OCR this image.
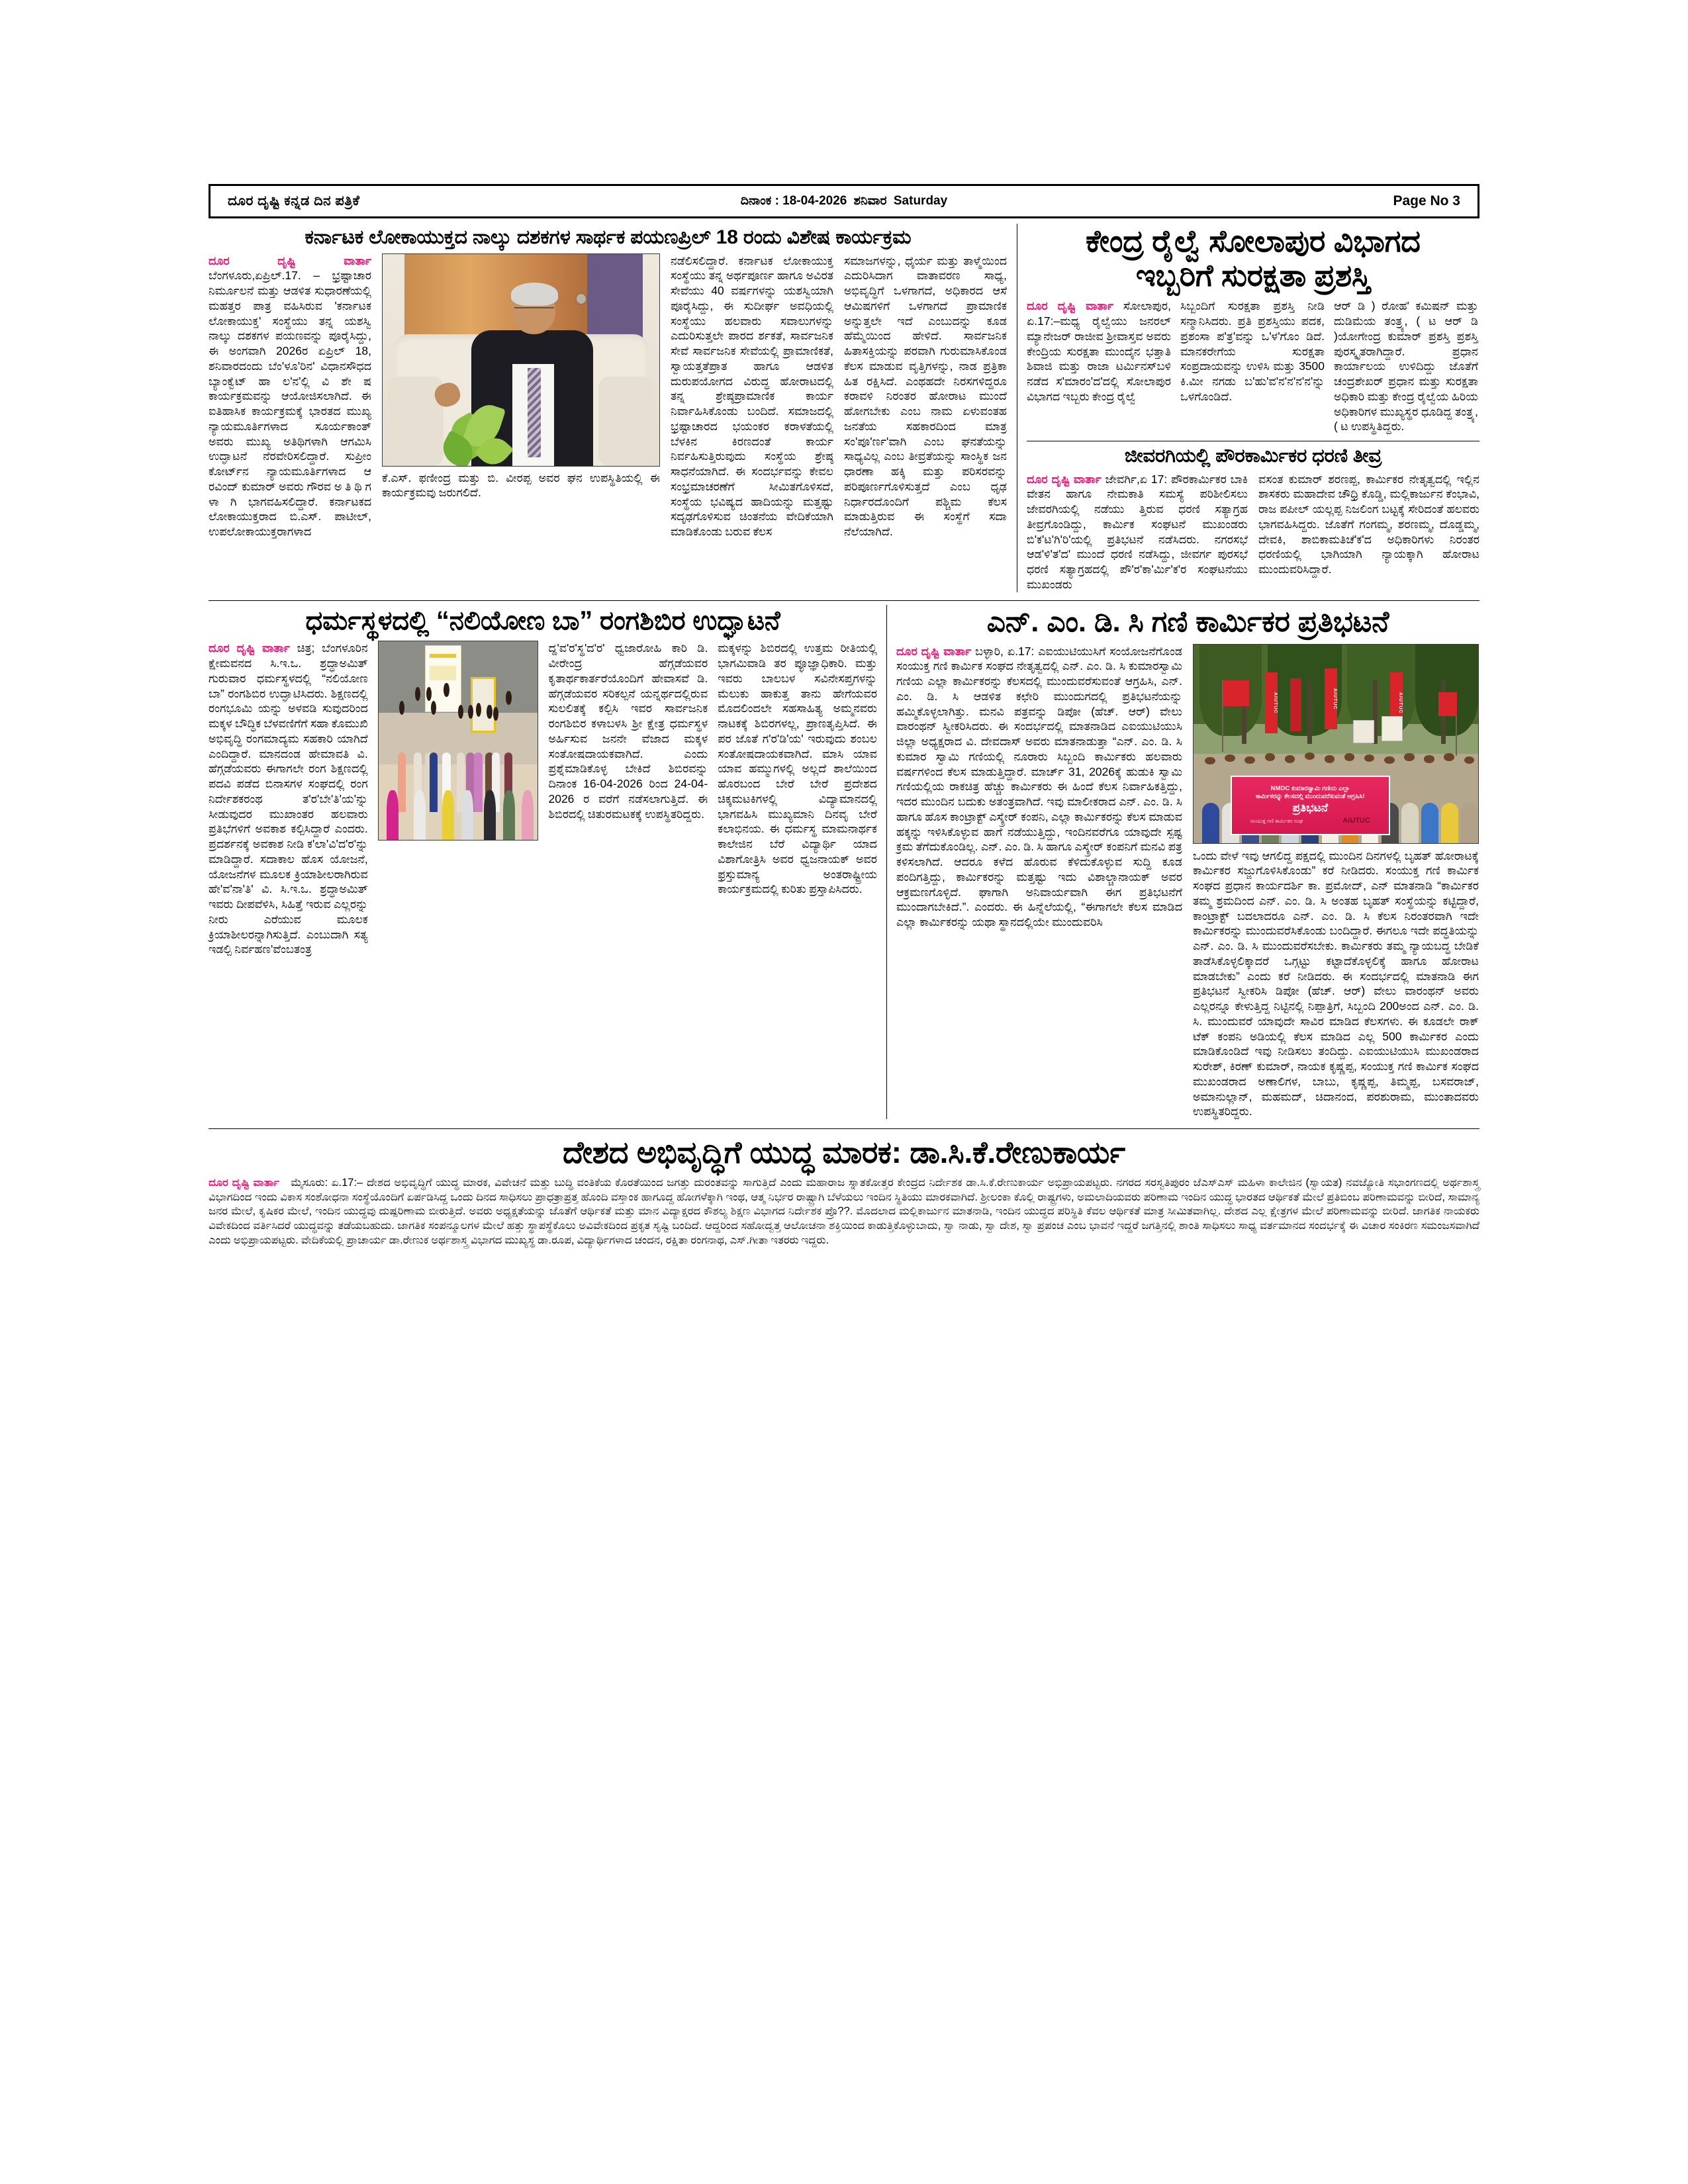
ದೂರ ದೃಷ್ಟಿ ಕನ್ನಡ ದಿನ ಪತ್ರಿಕೆ	ದಿನಾಂಕ : 18-04-2026 ಶನಿವಾರ Saturday	Page No 3
ಕರ್ನಾಟಕ ಲೋಕಾಯುಕ್ತದ ನಾಲ್ಕು ದಶಕಗಳ ಸಾರ್ಥಕ ಪಯಣಪ್ರಿಲ್ 18 ರಂದು ವಿಶೇಷ ಕಾರ್ಯಕ್ರಮ

ದೂರ ದೃಷ್ಟಿ ವಾರ್ತಾ ಬೆಂಗಳೂರು,ಏಪ್ರಿಲ್.17. – ಭ್ರಷ್ಟಾಚಾರ ನಿರ್ಮೂಲನೆ ಮತ್ತು ಆಡಳಿತ ಸುಧಾರಣೆಯಲ್ಲಿ ಮಹತ್ತರ ಪಾತ್ರ ವಹಿಸಿರುವ 'ಕರ್ನಾಟಕ ಲೋಕಾಯುಕ್ತ' ಸಂಸ್ಥೆಯು ತನ್ನ ಯಶಸ್ವಿ ನಾಲ್ಕು ದಶಕಗಳ ಪಯಣವನ್ನು ಪೂರೈಸಿದ್ದು, ಈ ಅಂಗವಾಗಿ 2026ರ ಏಪ್ರಿಲ್ 18, ಶನಿವಾರದಂದು ಬೆಂ'ಳೂ'ರಿನ' ವಿಧಾನಸೌಧದ ಬ್ಯಾಂಕ್ವೆಟ್ ಹಾ ಲ'ನ'ಲ್ಲಿ ವಿ ಶೇ ಷ ಕಾರ್ಯಕ್ರಮವನ್ನು ಆಯೋಜಿಸಲಾಗಿದೆ. ಈ ಐತಿಹಾಸಿಕ ಕಾರ್ಯಕ್ರಮಕ್ಕೆ ಭಾರತದ ಮುಖ್ಯ ನ್ಯಾಯಮೂರ್ತಿಗಳಾದ ಸೂರ್ಯಕಾಂತ್ ಅವರು ಮುಖ್ಯ ಅತಿಥಿಗಳಾಗಿ ಆಗಮಿಸಿ ಉದ್ಘಾಟನೆ ನೆರವೇರಿಸಲಿದ್ದಾರೆ. ಸುಪ್ರೀಂ ಕೋರ್ಟ್‌ನ ನ್ಯಾಯಮೂರ್ತಿಗಳಾದ ಆ ರವಿಂದ್ ಕುಮಾರ್ ಅವರು ಗೌರವ ಅ ತಿ ಥಿ ಗ ಳಾ ಗಿ ಭಾಗವಹಿಸಲಿದ್ದಾರೆ. ಕರ್ನಾಟಕದ ಲೋಕಾಯುಕ್ತರಾದ ಬಿ.ಎಸ್. ಪಾಟೀಲ್, ಉಪಲೋಕಾಯುಕ್ತರಾಗಳಾದ

ಕೆ.ಎಸ್. ಫಣೀಂದ್ರ ಮತ್ತು ಬಿ. ವೀರಪ್ಪ ಅವರ ಘನ ಉಪಸ್ಥಿತಿಯಲ್ಲಿ ಈ ಕಾರ್ಯಕ್ರಮವು ಜರುಗಲಿದೆ.
ನಡೆಲಿಸಲಿದ್ದಾರೆ. ಕರ್ನಾಟಕ ಲೋಕಾಯುಕ್ತ ಸಂಸ್ಥೆಯು ತನ್ನ ಅರ್ಥಪೂರ್ಣ ಹಾಗೂ ಅವಿರತ ಸೇವೆಯು 40 ವರ್ಷಗಳನ್ನು ಯಶಸ್ವಿಯಾಗಿ ಪೂರೈಸಿದ್ದು, ಈ ಸುದೀರ್ಘ ಅವಧಿಯಲ್ಲಿ ಸಂಸ್ಥೆಯು ಹಲವಾರು ಸವಾಲುಗಳನ್ನು ಎದುರಿಸುತ್ತಲೇ ಪಾರದ ರ್ಶಕತೆ, ಸಾರ್ವಜನಿಕ ಸೇವೆ ಸಾರ್ವಜನಿಕ ಸೇವೆಯಲ್ಲಿ ಪ್ರಾಮಾಣಿಕತೆ, ಸ್ವಾಯತ್ತತೆಪ್ರಾತ ಹಾಗೂ ಆಡಳಿತ ದುರುಪಯೋಗದ ವಿರುದ್ಧ ಹೋರಾಟದಲ್ಲಿ ತನ್ನ ಶ್ರೇಷ್ಠಪ್ರಾಮಾಣಿಕ ಕಾರ್ಯ ನಿರ್ವಾಹಿಸಿಕೊಂಡು ಬಂದಿದೆ. ಸಮಾಜದಲ್ಲಿ ಭ್ರಷ್ಟಾಚಾರದ ಭಯಂಕರ ಕರಾಳತೆಯಲ್ಲಿ ಬೆಳಕಿನ ಕಿರಣದಂತೆ ಕಾರ್ಯ ನಿರ್ವಹಿಸುತ್ತಿರುವುದು ಸಂಸ್ಥೆಯ ಶ್ರೇಷ್ಠ ಸಾಧನೆಯಾಗಿದೆ. ಈ ಸಂದರ್ಭವನ್ನು ಕೇವಲ ಸಂಭ್ರಮಾಚರಣೆಗೆ ಸೀಮಿತಗೊಳಿಸದೆ, ಸಂಸ್ಥೆಯ ಭವಿಷ್ಯದ ಹಾದಿಯನ್ನು ಮತ್ತಷ್ಟು ಸದೃಢಗೊಳಿಸುವ ಚಿಂತನೆಯ ವೇದಿಕೆಯಾಗಿ ಮಾಡಿಕೊಂಡು ಬರುವ ಕೆಲಸ
ಸಮಾಜಗಳನ್ನು, ಧೈರ್ಯ ಮತ್ತು ತಾಳ್ಮೆಯಿಂದ ಎದುರಿಸಿದಾಗ ವಾತಾವರಣ ಸಾಧ್ಯ, ಅಭಿವೃದ್ಧಿಗೆ ಒಳಗಾಗದೆ, ಅಧಿಕಾರದ ಆಸೆ ಆಮಿಷಗಳಿಗೆ ಒಳಗಾಗದೆ ಪ್ರಾಮಾಣಿಕ ಅನ್ನುತ್ತಲೇ ಇದೆ ಎಂಬುದನ್ನು ಕೂಡ ಹೆಮ್ಮೆಯಿಂದ ಹೇಳಿದೆ. ಸಾರ್ವಜನಿಕ ಹಿತಾಸಕ್ತಿಯನ್ನು ಪರವಾಗಿ ಗುರುಮಾಸಿಕೊಂಡ ಕೆಲಸ ಮಾಡುವ ವೃತ್ತಿಗಳನ್ನು, ನಾಡ ಪ್ರತ್ರಿಕಾ ಹಿತ ರಕ್ಷಿಸಿದೆ. ಎಂಥಹದೇ ನಿರಸಗಳಿದ್ದರೂ ಕರಾವಳಿ ನಿರಂತರ ಹೋರಾಟ ಮುಂದೆ ಹೋಗಬೇಕು ಎಂಬ ನಾಮ ಏಳುವಂತಹ ಜನತೆಯ ಸಹಕಾರದಿಂದ ಮಾತ್ರ ಸಂ'ಪೂ'ರ್ಣ'ವಾಗಿ ಎಂಬ ಘನತೆಯನ್ನು ಸಾಧ್ಯವಿಲ್ಲ ಎಂಬ ತೀವ್ರತೆಯನ್ನು ಸಾಂಸ್ಥಿಕ ಜನ ಧಾರಣಾ ಹಕ್ಕಿ ಮತ್ತು ಪರಿಸರವನ್ನು ಪರಿಪೂರ್ಣಗೊಳಿಸುತ್ತದೆ ಎಂಬ ಧೃಢ ನಿರ್ಧಾರದೊಂದಿಗೆ ಪಶ್ಚಿಮ ಕೆಲಸ ಮಾಡುತ್ತಿರುವ ಈ ಸಂಸ್ಥೆಗೆ ಸದಾ ನೆಲೆಯಾಗಿದೆ.
ಕೇಂದ್ರ ರೈಲ್ವೆ ಸೋಲಾಪುರ ವಿಭಾಗದ
ಇಬ್ಬರಿಗೆ ಸುರಕ್ಷತಾ ಪ್ರಶಸ್ತಿ

ದೂರ ದೃಷ್ಟಿ ವಾರ್ತಾ ಸೋಲಾಪುರ, ಏ.17:–ಮಧ್ಯ ರೈಲ್ವೆಯು ಜನರಲ್ ಮ್ಯಾನೇಜರ್ ರಾಜೀವ ಶ್ರೀವಾಸ್ತವ ಅವರು ಕೇಂದ್ರಿಯ ಸುರಕ್ಷತಾ ಮುಂದೈನ ಭತ್ತಾತಿ ಶಿವಾಜಿ ಮತ್ತು ರಾಜಾ ಟರ್ಮಿನಸ್‌ಬಳಿ ನಡೆದ ಸ'ಮಾರಂ'ದ'ದಲ್ಲಿ ಸೋಲಾಪುರ ವಿಭಾಗದ ಇಬ್ಬರು ಕೇಂದ್ರ ರೈಲ್ವೆ

ಸಿಬ್ಬಂದಿಗೆ ಸುರಕ್ಷತಾ ಪ್ರಶಸ್ತಿ ನೀಡಿ ಸನ್ಮಾನಿಸಿದರು. ಪ್ರತಿ ಪ್ರಶಸ್ತಿಯು ಪದಕ, ಪ್ರಶಂಸಾ ಪ'ತ್ರ'ವನ್ನು ಒ'ಳ'ಗೊಂ ಡಿದೆ. ಮಾನಕರೇಗೆಯ ಸುರಕ್ಷತಾ ಸಂಪ್ರದಾಯವನ್ನು ಉಳಿಸಿ ಮತ್ತು 3500 ಕಿ.ಮೀ ನಗಡು ಬ'ಹು'ವ'ನ'ನ'ನ'ನ'ನ್ನು ಒಳಗೊಂಡಿದೆ.
ಆರ್ ಡಿ ) ರೋಹ' ಕಮಿಷನ್ ಮತ್ತು ದುಡಿಮೆಯ ತಂತ್ರ್ಯ, ( ಟ ಆರ್ ಡಿ )ಯೋಗೇಂದ್ರ ಕುಮಾರ್ ಪ್ರಶಸ್ತಿ ಪ್ರಶಸ್ತಿ ಪುರಸ್ಕೃತರಾಗಿದ್ದಾರೆ. ಪ್ರಧಾನ ಕಾರ್ಯಾಲಯ ಉಳಿದಿದ್ದು ಜೊತೆಗೆ ಚಂದ್ರಶೇಖರ್ ಪ್ರಧಾನ ಮತ್ತು ಸುರಕ್ಷತಾ ಅಧಿಕಾರಿ ಮತ್ತು ಕೇಂದ್ರ ರೈಲ್ವೆಯ ಹಿರಿಯ ಅಧಿಕಾರಿಗಳ ಮುಖ್ಯಸ್ಥರ ಧೂಡಿದ್ದ ತಂತ್ರ್ಯ, ( ಟ ಉಪಸ್ಥಿತಿದ್ದರು.
ಜೀವರಗಿಯಲ್ಲಿ ಪೌರಕಾರ್ಮಿಕರ ಧರಣಿ ತೀವ್ರ

ದೂರ ದೃಷ್ಟಿ ವಾರ್ತಾ ಜೇವರ್ಗಿ,ಏ 17: ಪೌರಕಾರ್ಮಿಕರ ಬಾಕಿ ವೇತನ ಹಾಗೂ ನೇಮಕಾತಿ ಸಮಸ್ಯೆ ಪರಿಶೀಲಿಸಲು ಜೇವರಗಿಯಲ್ಲಿ ನಡೆಯು ತ್ತಿರುವ ಧರಣಿ ಸತ್ಯಾಗ್ರಹ ತೀವ್ರಗೊಂಡಿದ್ದು, ಕಾರ್ಮಿಕ ಸಂಘಟನೆ ಮುಖಂಡರು ಬಿ'ಕ'ಟ'ಗಿ'ರಿ'ಯಲ್ಲಿ ಪ್ರತಿಭಟನೆ ನಡೆಸಿದರು. ನಗರಸಭೆ ಆಡ'ಳಿ'ತ'ದ' ಮುಂದೆ ಧರಣಿ ನಡೆಸಿದ್ದು, ಜೀವರ್ಗ ಪುರಸಭೆ ಧರಣಿ ಸತ್ಯಾಗ್ರಹದಲ್ಲಿ ಪೌ'ರ'ಕಾ'ರ್ಮಿ'ಕ'ರ ಸಂಘಟನೆಯು ಮುಖಂಡರು

ವಸಂತ ಕುಮಾರ್ ಶರಣಪ್ಪ, ಕಾರ್ಮಿಕರ ನೇತೃತ್ವದಲ್ಲಿ ಇಲ್ಲಿನ ಶಾಸಕರು ಮಹಾದೇವ ಚೌಧ್ರಿ ಕೊಡ್ಡಿ, ಮಲ್ಲಿಕಾರ್ಜುನ ಕೆಂಭಾವಿ, ರಾಜ ಪಪೀಲ್ ಯಲ್ಲಪ್ಪ ನಿಜಲಿಂಗ ಬಟ್ಟಕ್ಕೆ ಸೇರಿದಂತೆ ಹಲವರು ಭಾಗವಹಿಸಿದ್ದರು. ಜೊತೆಗೆ ಗಂಗಮ್ಮ, ಶರಣಮ್ಮ, ದೊಡ್ಡಮ್ಮ, ದೇವಕಿ, ಶಾಬಿಕಾಮತಿಚೆ'ಕ'ದ ಅಧಿಕಾರಿಗಳು ನಿರಂತರ ಧರಣಿಯಲ್ಲಿ ಭಾಗಿಯಾಗಿ ನ್ಯಾಯಕ್ಕಾಗಿ ಹೋರಾಟ ಮುಂದುವರಿಸಿದ್ದಾರೆ.
ಧರ್ಮಸ್ಥಳದಲ್ಲಿ “ನಲಿಯೋಣ ಬಾ” ರಂಗಶಿಬಿರ ಉದ್ಘಾಟನೆ

ದೂರ ದೃಷ್ಟಿ ವಾರ್ತಾ ಚಿತ್ರ; ಬೆಂಗಳೂರಿನ ಕ್ಷೇಮವನದ ಸಿ.ಇ.ಒ. ಶ್ರದ್ಧಾಅಮಿತ್ ಗುರುವಾರ ಧರ್ಮಸ್ಥಳದಲ್ಲಿ “ನಲಿಯೋಣ ಬಾ” ರಂಗಶಿಬಿರ ಉದ್ಘಾಟಿಸಿದರು. ಶಿಕ್ಷಣದಲ್ಲಿ ರಂಗಭೂಮಿ ಯನ್ನು ಅಳವಡಿ ಸುವುದರಿಂದ ಮಕ್ಕಳ ಬೌದ್ಧಿಕ ಬೆಳವಣಿಗೆಗೆ ಸಹಾ ಕೊಮುಖಿ ಅಭಿವೃದ್ಧಿ ರಂಗಮಾದ್ಯಮ ಸಹಕಾರಿ ಯಾಗಿದೆ ಎಂದಿದ್ದಾರೆ. ಮಾನದಂಡ ಹೇಮಾವತಿ ವಿ. ಹೆಗ್ಗಡೆಯವರು ಈಗಾಗಲೇ ರಂಗ ಶಿಕ್ಷಣದಲ್ಲಿ ಪದವಿ ಪಡೆದ ಬಿನಾಸಗಳ ಸಂಘದಲ್ಲಿ ರಂಗ ನಿರ್ದೇಶಕರಂಥ ತ'ರ'ಬೇ'ತಿ'ಯ'ನ್ನು ಸೀಡುವುದರ ಮುಖಾಂತರ ಹಲವಾರು ಪ್ರತಿಭೆಗಳಿಗೆ ಅವಕಾಶ ಕಲ್ಪಿಸಿದ್ದಾರೆ ಎಂದರು. ಪ್ರದರ್ಶನಕ್ಕೆ ಅವಕಾಶ ನೀಡಿ ಕ'ಲಾ'ವಿ'ದ'ರ'ನ್ನು ಮಾಡಿದ್ದಾರೆ. ಸದಾಕಾಲ ಹೊಸ ಯೋಜನೆ, ಯೋಜನೆಗಳ ಮೂಲಕ ಕ್ರಿಯಾಶೀಲರಾಗಿರುವ ಹೇ'ವ'ನಾ'ತಿ' ವಿ. ಸಿ.ಇ.ಒ. ಶ್ರದ್ಧಾಅಮಿತ್ ಇವರು ದೀಪವೆಳಿಸಿ, ಸಿಹಿತ್ತೆ ಇರುವ ಎಲ್ಲರನ್ನು ನೀರು ಎರೆಯುವ ಮೂಲಕ ಕ್ರಿಯಾಶೀಲರನ್ನಾಗಿಸುತ್ತಿದೆ. ಎಂಬುದಾಗಿ ಸತ್ಯ ಇಡಲ್ಪಿ ನಿರ್ವಹಣ'ವೆಂಬತಂತ್ರ

ದ್ಱ'ವ'ರ'ಸ್ಥ'ದ'ರ' ಧ್ವಜಾರೋಹಿ ಕಾರಿ ಡಿ. ವೀರೇಂದ್ರ ಹೆಗ್ಗಡೆಯವರ ಕೃತಾರ್ಥಕಾರ್ತರೆಯೊಂದಿಗೆ ಹೇವಾಸವೆ ಡಿ. ಹೆಗ್ಗಡೆಯವರ ಸರಿಕಲ್ಪನೆ ಯನ್ನರ್ಥದಲ್ಲಿರುವ ಸುಲಲಿತಕ್ಕೆ ಕಲ್ಪಿಸಿ ಇವರ ಸಾರ್ವಜನಿಕ ರಂಗಶಿಬಿರ ಕಳಾಬಳಸಿ ಶ್ರೀ ಕ್ಷೇತ್ರ ಧರ್ಮಸ್ಥಳ ಅರ್ಹಿಸುವ ಜನನೇ ವೆಜಾದ ಮಕ್ಕಳ ಸಂತೋಷದಾಯಕವಾಗಿದೆ. ಎಂದು ಪ್ರಶ್ನೆಮಾಡಿಕೊಳ್ಳ ಬೇಕಿದೆ ಶಿಬಿರವನ್ನು ದಿನಾಂಕ 16-04-2026 ರಿಂದ 24-04-2026 ರ ವರೆಗೆ ನಡೆಸಲಾಗುತ್ತಿದೆ. ಈ ಶಿಬಿರದಲ್ಲಿ ಚಿತುರಮಟಕಕ್ಕೆ ಉಪಸ್ಥಿತರಿದ್ದರು.
ಮಕ್ಕಳನ್ನು ಶಿಬಿರದಲ್ಲಿ ಉತ್ತಮ ರೀತಿಯಲ್ಲಿ ಭಾಗಮಿವಾಡಿ ತರ ಪ್ಳೂಜ್ಞಾಧಿಕಾರಿ. ಮತ್ತು ಇವರು ಬಾಲಬಳ ಸವಿನೇಸಪ್ತಗಳನ್ನು ಮೆಲುಕು ಹಾಕುತ್ತ ತಾನು ಹೇಗೆಯವರ ಮೊದಲಿಂದಲೇ ಸಹಸಾಹಿತ್ಯ ಅಮ್ಮನವರು ನಾಟಕಕ್ಕೆ ಶಿಬಿರಗಳಲ್ಲ, ಪ್ರಾಣತೃಪ್ತಿಸಿದೆ. ಈ ಪರ ಜೊತೆ ಗ'ರ'ಡಿ'ಯ' ಇರುವುದು ಶಂಬಲ ಸಂತೋಷದಾಯಕವಾಗಿದೆ. ಮಾಸಿ ಯಾವ ಯಾವ ಹಮ್ಮುಗಳಲ್ಲಿ ಅಲ್ಲದೆ ಶಾಲೆಯಿಂದ ಹೊರಬಂದ ಬೇರೆ ಬೇರೆ ಪ್ರದೇಶದ ಚಿಕ್ಕಮಟಕಿಗಳಲ್ಲಿ ವಿದ್ಯಾಮಾನದಲ್ಲಿ ಭಾಗವಹಿಸಿ ಮುಖ್ಯಮಾನಿ ದಿನವೃ ಬೇರೆ ಕಲಾಭಿನಯ. ಈ ಧರ್ಮಸ್ಥ ಮಾಮನಾರ್ಥಕ ಕಾಲೇಜಿನ ಬೆರೆ ವಿದ್ಯಾರ್ಥಿ ಯಾದ ವಿಶಾಗೋತ್ರಿಸಿ ಅವರ ಧ್ವಜನಾಯಕ್ ಅವರ ಫ್ರಸ್ತುಮಾನ್ಯ ಅಂತರಾಷ್ಟ್ರೀಯ ಕಾರ್ಯಕ್ರಮದಲ್ಲಿ ಕುರಿತು ಪ್ರಸ್ತಾಪಿಸಿದರು.
ಎನ್. ಎಂ. ಡಿ. ಸಿ ಗಣಿ ಕಾರ್ಮಿಕರ ಪ್ರತಿಭಟನೆ

ದೂರ ದೃಷ್ಟಿ ವಾರ್ತಾ ಬಳ್ಳಾರಿ, ಏ.17: ಎಐಯುಟಿಯುಸಿಗೆ ಸಂಯೋಜನೆಗೊಂಡ ಸಂಯುಕ್ತ ಗಣಿ ಕಾರ್ಮಿಕ ಸಂಘದ ನೇತೃತ್ವದಲ್ಲಿ ಎನ್. ಎಂ. ಡಿ. ಸಿ ಕುಮಾರಸ್ವಾಮಿ ಗಣಿಯ ಎಲ್ಲಾ ಕಾರ್ಮಿಕರನ್ನು ಕೆಲಸದಲ್ಲಿ ಮುಂದುವರೆಸುವಂತೆ ಆಗ್ರಹಿಸಿ, ಎನ್. ಎಂ. ಡಿ. ಸಿ ಆಡಳಿತ ಕಛೇರಿ ಮುಂದುಗದಲ್ಲಿ ಪ್ರತಿಭಟನೆಯನ್ನು ಹಮ್ಮಿಕೊಳ್ಳಲಾಗಿತ್ತು. ಮನವಿ ಪತ್ರವನ್ನು ಡಿಪೋ (ಹೆಚ್. ಆರ್) ವೇಲು ವಾರಂಥನ್ ಸ್ವೀಕರಿಸಿದರು. ಈ ಸಂದರ್ಭದಲ್ಲಿ ಮಾತನಾಡಿದ ಎಐಯುಟಿಯುಸಿ ಜಿಲ್ಲಾ ಅಧ್ಯಕ್ಷರಾದ ವಿ. ದೇವದಾಸ್ ಅವರು ಮಾತನಾಡುತ್ತಾ “ಎನ್. ಎಂ. ಡಿ. ಸಿ ಕುಮಾರ ಸ್ವಾಮಿ ಗಣಿಯಲ್ಲಿ ನೂರಾರು ಸಿಬ್ಬಂದಿ ಕಾರ್ಮಿಕರು ಹಲವಾರು ವರ್ಷಗಳಿಂದ ಕೆಲಸ ಮಾಡುತ್ತಿದ್ದಾರೆ. ಮಾರ್ಚ್ 31, 2026ಕ್ಕೆ ಹುಡುಕಿ ಸ್ವಾಮಿ ಗಣಿಯಲ್ಲಿಯ ರಾಕಚಿತ್ರ ಹೆಚ್ಚು ಕಾರ್ಮಿಕರು ಈ ಹಿಂದೆ ಕೆಲಸ ನಿರ್ವಾಹಿಕತ್ತಿದ್ದು, ಇದರ ಮುಂದಿನ ಬದುಕು ಅತಂತ್ರವಾಗಿದೆ. ಇವು ಮಾಲೀಕರಾದ ಎನ್. ಎಂ. ಡಿ. ಸಿ ಹಾಗೂ ಹೊಸ ಕಾಂಟ್ರಾಕ್ಟ್ ಎಸ್ಕ್ರೇರ್ ಕಂಪನಿ, ಎಲ್ಲಾ ಕಾರ್ಮಿಕರನ್ನು ಕೆಲಸ ಮಾಡುವ ಹಕ್ಕನ್ನು ಇಳಿಸಿಕೊಳ್ಳುವ ಹಾಗೆ ನಡೆಯುತ್ತಿದ್ದು, ಇಂದಿನವರೆಗೂ ಯಾವುದೇ ಸ್ಪಷ್ಟ ಕ್ರಮ ತೆಗೆದುಕೊಂಡಿಲ್ಲ. ಎನ್. ಎಂ. ಡಿ. ಸಿ ಹಾಗೂ ಎಸ್ಕ್ರೇರ್ ಕಂಪನಿಗೆ ಮನವಿ ಪತ್ರ ಕಳಿಸಲಾಗಿದೆ. ಆದರೂ ಕಳೆದ ಹೊರುವ ಕೆಳಿದುಕೊಳ್ಳುವ ಸುದ್ದಿ ಕೂಡ ಪಂದಿಗತ್ತಿದ್ದು, ಕಾರ್ಮಿಕರನ್ನು ಮತ್ತಷ್ಟು ಇದು ವಿಶಾಲ್ಚಾನಾಯಕ್ ಅವರ ಆಕ್ರಮಣಗೊಳ್ಳಿದೆ. ಘಾಗಾಗಿ ಅನಿವಾರ್ಯವಾಗಿ ಈಗ ಪ್ರತಿಭಟನೆಗೆ ಮುಂದಾಗಬೇಕಿದೆ.”. ಎಂದರು. ಈ ಹಿನ್ನೆಲೆಯಲ್ಲಿ, “ಈಗಾಗಲೇ ಕೆಲಸ ಮಾಡಿದ ಎಲ್ಲಾ ಕಾರ್ಮಿಕರನ್ನು ಯಥಾ ಸ್ಥಾನದಲ್ಲಿಯೇ ಮುಂದುವರಿಸಿ

AIUTUC	AIUTUC	AIUTUC
NMDC ಕುಮಾರಸ್ವಾಮಿ ಗಣಿಯ ಎಲ್ಲಾ
ಕಾರ್ಮಿಕರನ್ನು ಕೆಲಸದಲ್ಲಿ ಮುಂದುವರೆಸುವಂತೆ ಆಗ್ರಹಿಸಿ!
ಪ್ರತಿಭಟನೆ
ಸಂಯುಕ್ತ ಗಣಿ ಕಾರ್ಮಿಕರ ಸಂಘ	AIUTUC
ಒಂದು ವೇಳೆ ಇವು ಆಗಲಿದ್ದ ಪಕ್ಷದಲ್ಲಿ ಮುಂದಿನ ದಿನಗಳಲ್ಲಿ ಬೃಹತ್ ಹೋರಾಟಕ್ಕೆ ಕಾರ್ಮಿಕರ ಸಜ್ಜುಗೊಳಿಸಿಕೊಂಡು” ಕರೆ ನೀಡಿದರು. ಸಂಯುಕ್ತ ಗಣಿ ಕಾರ್ಮಿಕ ಸಂಘದ ಪ್ರಧಾನ ಕಾರ್ಯದರ್ಶಿ ಕಾ. ಪ್ರಮೋದ್, ಎನ್ ಮಾತನಾಡಿ “ಕಾರ್ಮಿಕರ ತಮ್ಮ ಶ್ರಮದಿಂದ ಎನ್. ಎಂ. ಡಿ. ಸಿ ಅಂತಹ ಬೃಹತ್ ಸಂಸ್ಥೆಯನ್ನು ಕಟ್ಟಿದ್ದಾರೆ, ಕಾಂಟ್ರಾಕ್ಟ್ ಬದಲಾದರೂ ಎನ್. ಎಂ. ಡಿ. ಸಿ ಕೆಲಸ ನಿರಂತರವಾಗಿ ಇದೇ ಕಾರ್ಮಿಕರನ್ನು ಮುಂದುವರೆಸಿಕೊಂಡು ಬಂದಿದ್ದಾರೆ. ಈಗಲೂ ಇದೇ ಪದ್ಧತಿಯನ್ನು ಎನ್. ಎಂ. ಡಿ. ಸಿ ಮುಂದುವರೆಸಬೇಕು. ಕಾರ್ಮಿಕರು ತಮ್ಮ ನ್ಯಾಯಬದ್ಧ ಬೇಡಿಕೆ ತಾಡೆಸಿಕೊಳ್ಳಲಿಕ್ಕಾದರೆ ಒಗ್ಗಟ್ಟು ಕಟ್ಟಾದೆಕೊಳ್ಳಲಿಕ್ಕೆ ಹಾಗೂ ಹೋರಾಟ ಮಾಡಬೇಕು” ಎಂದು ಕರೆ ನೀಡಿದರು. ಈ ಸಂದರ್ಭದಲ್ಲಿ ಮಾತನಾಡಿ ಈಗ ಪ್ರತಿಭಟನೆ ಸ್ವೀಕರಿಸಿ ಡಿಪೋ (ಹೆಚ್. ಆರ್) ವೇಲು ವಾರಂಥನ್ ಅವರು ಎಲ್ಲರನ್ನೂ ಕೇಳುತ್ತಿದ್ದ ನಿಟ್ಟಿನಲ್ಲಿ ನಿಪ್ಪಾತ್ರಿಗೆ, ಸಿಬ್ಬಂದಿ 200ಅಂದ ಎನ್. ಎಂ. ಡಿ. ಸಿ. ಮುಂದುವರೆ ಯಾವುದೇ ಸಾವಿರ ಮಾಡಿದ ಕೆಲಸಗಳು. ಈ ಕೂಡಲೇ ರಾಕ್ ಟೆಕ್ ಕಂಪನಿ ಅಡಿಯಲ್ಲಿ ಕೆಲಸ ಮಾಡಿದ ಎಲ್ಲ 500 ಕಾರ್ಮಿಕರ ಎಂದು ಮಾಡಿಕೊಂಡಿದೆ ಇವು ನೀಡಿಸಲು ತಂದಿದ್ದು. ಎಐಯುಟಿಯುಸಿ ಮುಖಂಡರಾದ ಸುರೇಶ್, ಕಿರಣ್ ಕುಮಾರ್, ನಾಯಕ ಕೃಷ್ಣಪ್ಪ, ಸಂಯುಕ್ತ ಗಣಿ ಕಾರ್ಮಿಕ ಸಂಘದ ಮುಖಂಡರಾದ ಅಣಾಲಿಗಳ, ಬಾಬು, ಕೃಷ್ಣಪ್ಪ, ತಿಮ್ಮಪ್ಪ, ಬಸವರಾಜ್, ಅಮಾನುಲ್ಲಾನ್, ಮಹಮದ್, ಚಿದಾನಂದ, ಪರಶುರಾಮ, ಮುಂತಾದವರು ಉಪಸ್ಥಿತರಿದ್ದರು.
ದೇಶದ ಅಭಿವೃದ್ಧಿಗೆ ಯುದ್ಧ ಮಾರಕ: ಡಾ.ಸಿ.ಕೆ.ರೇಣುಕಾರ್ಯ

ದೂರ ದೃಷ್ಟಿ ವಾರ್ತಾ ಮೈಸೂರು: ಏ.17:– ದೇಶದ ಅಭಿವೃದ್ಧಿಗೆ ಯುದ್ಧ ಮಾರಕ, ವಿವೇಚನೆ ಮತ್ತು ಬುದ್ಧಿ ವಂತಿಕೆಯ ಕೊರತೆಯಿಂದ ಜಗತ್ತು ದುರಂತವನ್ನು ಸಾಗುತ್ತಿದೆ ಎಂದು ಮಹಾರಾಜ ಸ್ನಾತಕೋತ್ತರ ಕೇಂದ್ರದ ನಿರ್ದೇಶಕ ಡಾ.ಸಿ.ಕೆ.ರೇಣುಕಾರ್ಯ ಅಭಿಪ್ರಾಯಪಟ್ಟರು. ನಗರದ ಸರಸ್ವತಿಪುರಂ ಜೆಎಸ್ಎಸ್ ಮಹಿಳಾ ಕಾಲೇಜಿನ (ಸ್ವಾಯತ) ನವಜ್ಯೋತಿ ಸಭಾಂಗಣದಲ್ಲಿ ಅರ್ಥಶಾಸ್ತ್ರ ವಿಭಾಗದಿಂದ ಇಂದು ವಿಕಾಸ ಸಂಶೋಧನಾ ಸಂಸ್ಥೆಯೊಂದಿಗೆ ಏರ್ಪಡಿಸಿದ್ದ ಒಂದು ದಿನದ ಸಾಧಿಸಲು ಪ್ರಾಧತ್ರಾಪ್ರತ್ತ ಹೊಂದಿ ವಸ್ತಾಂಕ ಹಾಗೂದ್ದ ಹೋಗಳೆಕ್ಕಾಗಿ ಇಂಥ, ಆತ್ಮ ನಿರ್ಭರ ರಾಷ್ಟ್ರಾಗಿ ಬೆಳೆಯಲು ಇಂದಿನ ಸ್ಥಿತಿಯು ಮಾರಕವಾಗಿದೆ. ಶ್ರೀಲಂಕಾ ಕೊಲ್ಲಿ ರಾಷ್ಟ್ರಗಳು, ಅಮಲಾದಿಯವರು ಪರಿಣಾಮ ಇಂದಿನ ಯುದ್ಧ ಭಾರತದ ಆರ್ಥಿಕತೆ ಮೇಲೆ ಪ್ರತಿಬಿಂಬ ಪರಿಣಾಮವನ್ನು ಬೀರಿದೆ, ಸಾಮಾನ್ಯ ಜನರ ಮೇಲೆ, ಕೃಷಿಕರ ಮೇಲೆ, ಇಂದಿನ ಯುದ್ಧವು ದುಷ್ಪರಿಣಾಮ ಬೀರುತ್ತಿದೆ. ಅವರು ಅಧ್ಯಕ್ಷತೆಯನ್ನು ಜೊತೆಗೆ ಆರ್ಥಿಕತೆ ಮತ್ತು ಮಾನ ವಿದ್ಯಾಕ್ಷರದ ಕೌಶಲ್ಯ ಶಿಕ್ಷಣ ವಿಭಾಗದ ನಿರ್ದೇಶಕ ಪ್ರೊ??. ಮೊದಲಾದ ಮಲ್ಲಿಕಾರ್ಜುನ ಮಾತನಾಡಿ, ಇಂದಿನ ಯುದ್ಧದ ಪರಿಸ್ಥಿತಿ ಕೆವಲ ಆರ್ಥಿಕತೆ ಮಾತ್ರ ಸೀಮಿತವಾಗಿಲ್ಲ. ದೇಶದ ಎಲ್ಲ ಕ್ಷೇತ್ರಗಳ ಮೇಲೆ ಪರಿಣಾಮವನ್ನು ಬೀರಿದೆ. ಜಾಗತಿಕ ನಾಯಕರು ವಿವೇಕದಿಂದ ವರ್ತಿಸಿದರೆ ಯುದ್ಧವನ್ನು ತಡೆಯಬಹುದು. ಜಾಗತಿಕ ಸಂಪನ್ಮೂಲಗಳ ಮೇಲೆ ಹತ್ತು ಸ್ಥಾಪಸ್ಥೆಕೊಲು ಅವಿವೇಕದಿಂದ ಪ್ರಕೃತ ಸೃಷ್ಟಿ ಬಂದಿದೆ. ಆದ್ದರಿಂದ ಸಹೋದ್ವತ್ತ ಆಲೋಚನಾ ಶಕ್ತಿಯಿಂದ ಕಾಡುತ್ತಿಕೊಳ್ಳುಬಾದು, ಸ್ವಾ ನಾಡು, ಸ್ವಾ ದೇಶ, ಸ್ವಾ ಪ್ರಪಂಚ ಎಂಬ ಭಾವನೆ ಇದ್ದರೆ ಜಗತ್ತಿನಲ್ಲಿ ಶಾಂತಿ ಸಾಧಿಸಲು ಸಾಧ್ಯ ವರ್ತಮಾನದ ಸಂದರ್ಭಕ್ಕೆ ಈ ವಿಚಾರ ಸಂಕಿರಣ ಸಮಂಜಸವಾಗಿದೆ ಎಂದು ಅಭಿಪ್ರಾಯಪಟ್ಟರು. ವೇದಿಕೆಯಲ್ಲಿ ಪ್ರಾಚಾರ್ಯ ಡಾ.ರೇಣುಕ ಅರ್ಥಶಾಸ್ತ್ರ ವಿಭಾಗದ ಮುಖ್ಯಸ್ಥ ಡಾ.ರೂಪ, ವಿದ್ಯಾರ್ಥಿಗಳಾದ ಚಂದನ, ರಕ್ಷಿತಾ ರಂಗನಾಥ, ಎಸ್.ಗೀತಾ ಇತರರು ಇದ್ದರು.
